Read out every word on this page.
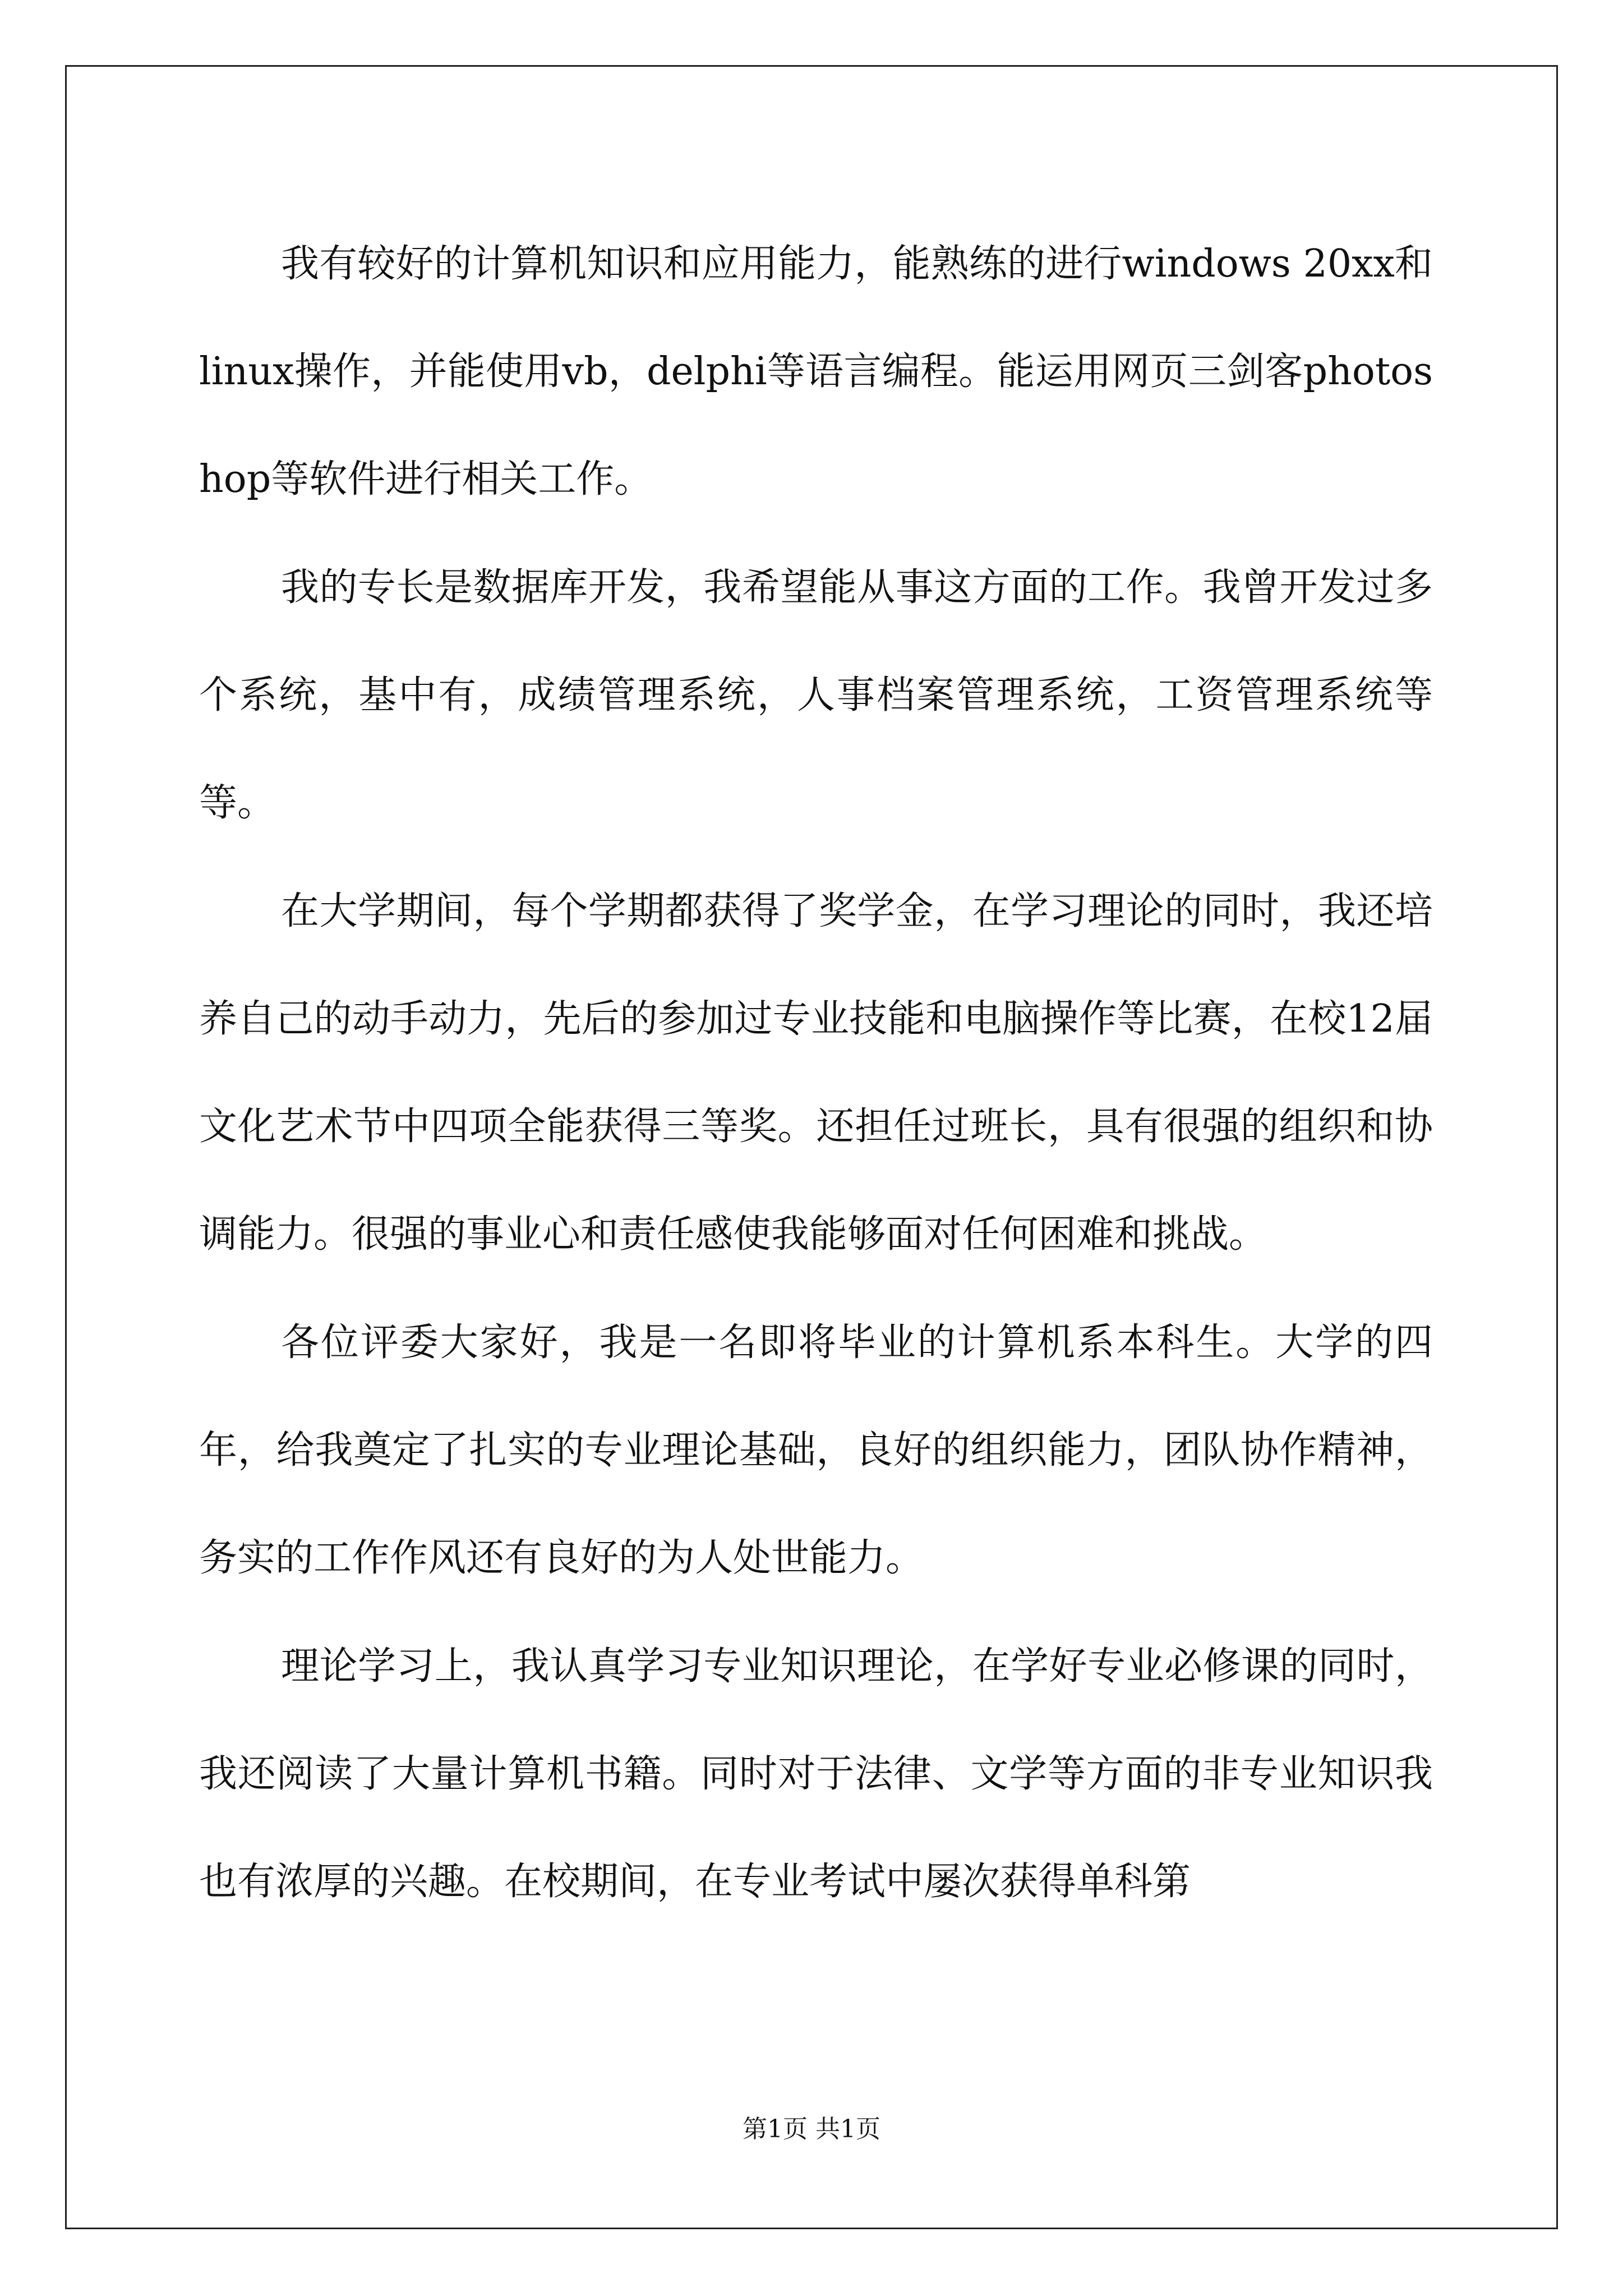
我有较好的计算机知识和应用能力，能熟练的进行windows 20xx和linux操作，并能使用vb，delphi等语言编程。能运用网页三剑客photoshop等软件进行相关工作。

我的专长是数据库开发，我希望能从事这方面的工作。我曾开发过多个系统，基中有，成绩管理系统，人事档案管理系统，工资管理系统等等。

在大学期间，每个学期都获得了奖学金，在学习理论的同时，我还培养自己的动手动力，先后的参加过专业技能和电脑操作等比赛，在校12届文化艺术节中四项全能获得三等奖。还担任过班长，具有很强的组织和协调能力。很强的事业心和责任感使我能够面对任何困难和挑战。

各位评委大家好，我是一名即将毕业的计算机系本科生。大学的四年，给我奠定了扎实的专业理论基础，良好的组织能力，团队协作精神，务实的工作作风还有良好的为人处世能力。

理论学习上，我认真学习专业知识理论，在学好专业必修课的同时，我还阅读了大量计算机书籍。同时对于法律、文学等方面的非专业知识我也有浓厚的兴趣。在校期间，在专业考试中屡次获得单科第

第1页 共1页
